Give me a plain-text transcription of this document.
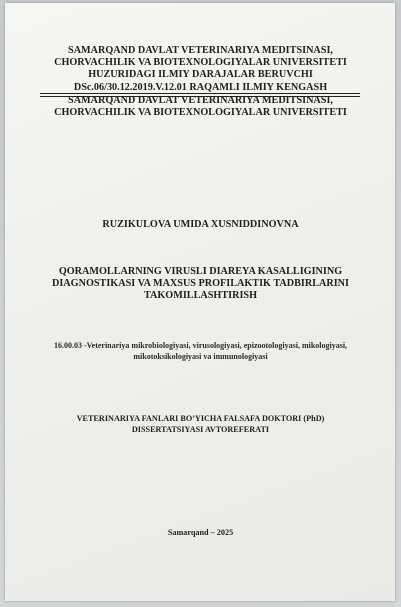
SAMARQAND DAVLAT VETERINARIYA MEDITSINASI,
CHORVACHILIK VA BIOTEXNOLOGIYALAR UNIVERSITETI
HUZURIDAGI ILMIY DARAJALAR BERUVCHI
DSc.06/30.12.2019.V.12.01 RAQAMLI ILMIY KENGASH
SAMARQAND DAVLAT VETERINARIYA MEDITSINASI,
CHORVACHILIK VA BIOTEXNOLOGIYALAR UNIVERSITETI
RUZIKULOVA UMIDA XUSNIDDINOVNA
QORAMOLLARNING VIRUSLI DIAREYA KASALLIGINING
DIAGNOSTIKASI VA MAXSUS PROFILAKTIK TADBIRLARINI
TAKOMILLASHTIRISH
16.00.03 -Veterinariya mikrobiologiyasi, virusologiyasi, epizootologiyasi, mikologiyasi,
mikotoksikologiyasi va immunologiyasi
VETERINARIYA FANLARI BO’YICHA FALSAFA DOKTORI (PhD)
DISSERTATSIYASI AVTOREFERATI
Samarqand – 2025
